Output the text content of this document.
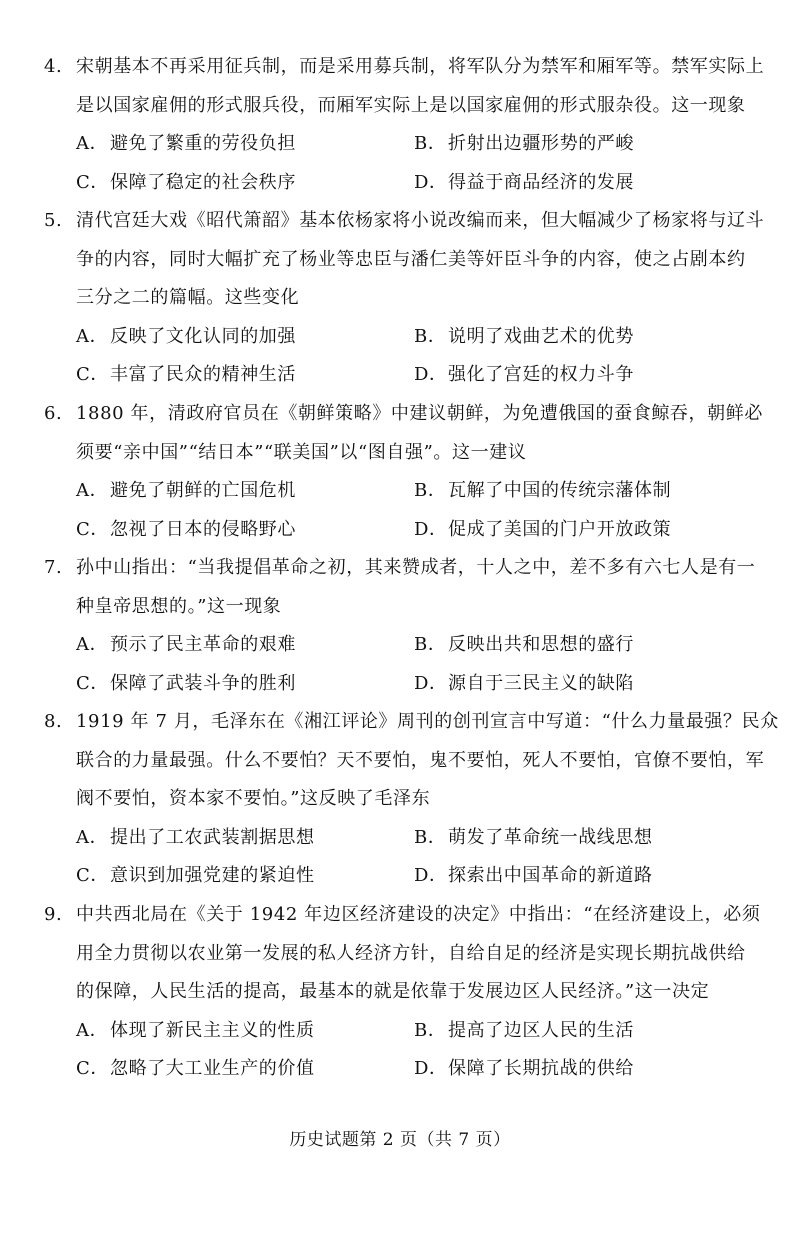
4. 宋朝基本不再采用征兵制，而是采用募兵制，将军队分为禁军和厢军等。禁军实际上
是以国家雇佣的形式服兵役，而厢军实际上是以国家雇佣的形式服杂役。这一现象
A．避免了繁重的劳役负担	B．折射出边疆形势的严峻
C．保障了稳定的社会秩序	D．得益于商品经济的发展
5. 清代宫廷大戏《昭代箫韶》基本依杨家将小说改编而来，但大幅减少了杨家将与辽斗
争的内容，同时大幅扩充了杨业等忠臣与潘仁美等奸臣斗争的内容，使之占剧本约
三分之二的篇幅。这些变化
A．反映了文化认同的加强	B．说明了戏曲艺术的优势
C．丰富了民众的精神生活	D．强化了宫廷的权力斗争
6. 1880 年，清政府官员在《朝鲜策略》中建议朝鲜，为免遭俄国的蚕食鲸吞，朝鲜必
须要“亲中国”“结日本”“联美国”以“图自强”。这一建议
A．避免了朝鲜的亡国危机	B．瓦解了中国的传统宗藩体制
C．忽视了日本的侵略野心	D．促成了美国的门户开放政策
7. 孙中山指出：“当我提倡革命之初，其来赞成者，十人之中，差不多有六七人是有一
种皇帝思想的。”这一现象
A．预示了民主革命的艰难	B．反映出共和思想的盛行
C．保障了武装斗争的胜利	D．源自于三民主义的缺陷
8. 1919 年 7 月，毛泽东在《湘江评论》周刊的创刊宣言中写道：“什么力量最强？民众
联合的力量最强。什么不要怕？天不要怕，鬼不要怕，死人不要怕，官僚不要怕，军
阀不要怕，资本家不要怕。”这反映了毛泽东
A．提出了工农武装割据思想	B．萌发了革命统一战线思想
C．意识到加强党建的紧迫性	D．探索出中国革命的新道路
9. 中共西北局在《关于 1942 年边区经济建设的决定》中指出：“在经济建设上，必须
用全力贯彻以农业第一发展的私人经济方针，自给自足的经济是实现长期抗战供给
的保障，人民生活的提高，最基本的就是依靠于发展边区人民经济。”这一决定
A．体现了新民主主义的性质	B．提高了边区人民的生活
C．忽略了大工业生产的价值	D．保障了长期抗战的供给
历史试题第 2 页（共 7 页）
